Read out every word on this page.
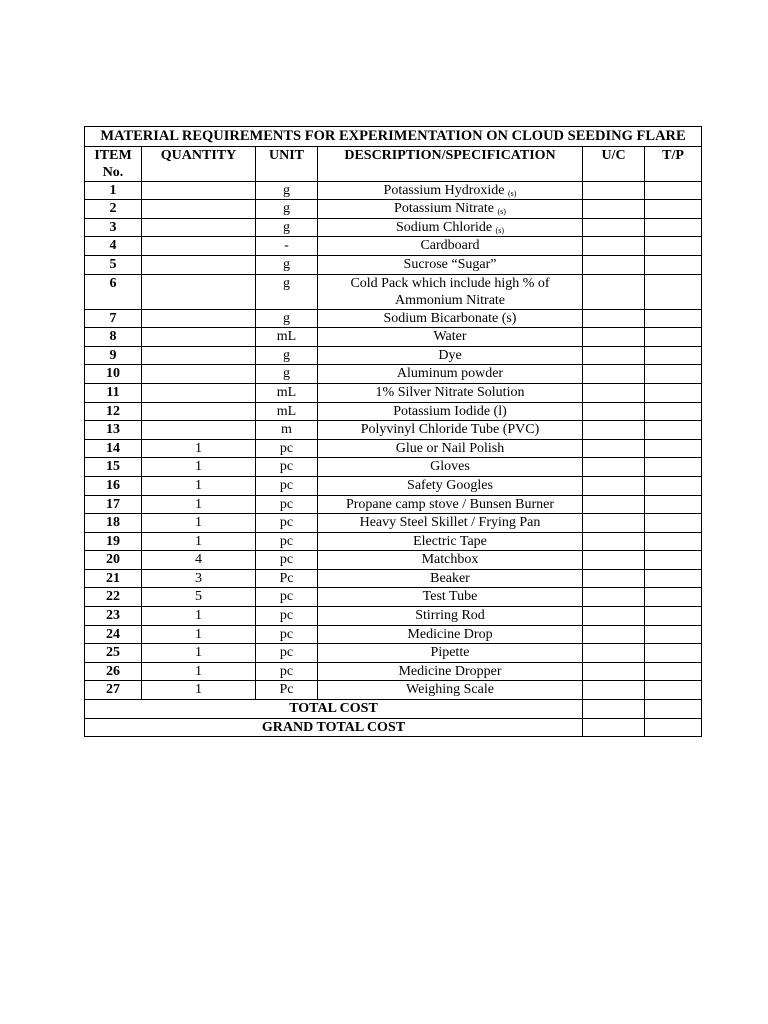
MATERIAL REQUIREMENTS FOR EXPERIMENTATION ON CLOUD SEEDING FLARE					
ITEM No.	QUANTITY	UNIT	DESCRIPTION/SPECIFICATION	U/C	T/P
1		g	Potassium Hydroxide $_{(s)}$		
2		g	Potassium Nitrate $_{(s)}$		
3		g	Sodium Chloride $_{(s)}$		
4		-	Cardboard		
5		g	Sucrose “Sugar”		
6		g	Cold Pack which include high % of Ammonium Nitrate		
7		g	Sodium Bicarbonate (s)		
8		mL	Water		
9		g	Dye		
10		g	Aluminum powder		
11		mL	1% Silver Nitrate Solution		
12		mL	Potassium Iodide (l)		
13		m	Polyvinyl Chloride Tube (PVC)		
14	1	pc	Glue or Nail Polish		
15	1	pc	Gloves		
16	1	pc	Safety Googles		
17	1	pc	Propane camp stove / Bunsen Burner		
18	1	pc	Heavy Steel Skillet / Frying Pan		
19	1	pc	Electric Tape		
20	4	pc	Matchbox		
21	3	Pc	Beaker		
22	5	pc	Test Tube		
23	1	pc	Stirring Rod		
24	1	pc	Medicine Drop		
25	1	pc	Pipette		
26	1	pc	Medicine Dropper		
27	1	Pc	Weighing Scale		
TOTAL COST					
GRAND TOTAL COST					
